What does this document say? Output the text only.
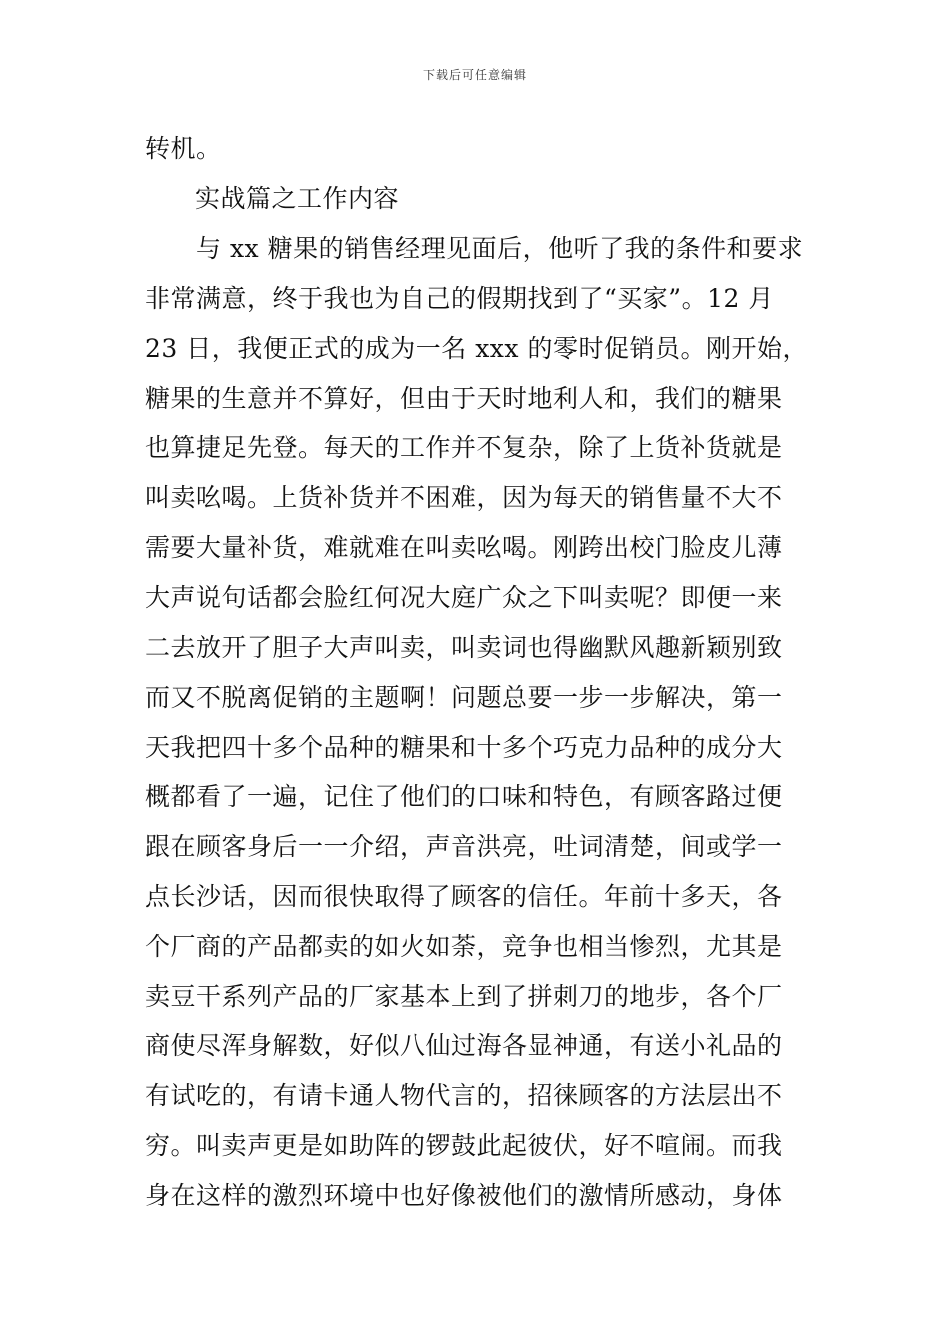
下载后可任意编辑
转机。
实战篇之工作内容
与 xx 糖果的销售经理见面后，他听了我的条件和要求
非常满意，终于我也为自己的假期找到了“买家”。12 月
23 日，我便正式的成为一名 xxx 的零时促销员。刚开始，
糖果的生意并不算好，但由于天时地利人和，我们的糖果
也算捷足先登。每天的工作并不复杂，除了上货补货就是
叫卖吆喝。上货补货并不困难，因为每天的销售量不大不
需要大量补货，难就难在叫卖吆喝。刚跨出校门脸皮儿薄
大声说句话都会脸红何况大庭广众之下叫卖呢？即便一来
二去放开了胆子大声叫卖，叫卖词也得幽默风趣新颖别致
而又不脱离促销的主题啊！问题总要一步一步解决，第一
天我把四十多个品种的糖果和十多个巧克力品种的成分大
概都看了一遍，记住了他们的口味和特色，有顾客路过便
跟在顾客身后一一介绍，声音洪亮，吐词清楚，间或学一
点长沙话，因而很快取得了顾客的信任。年前十多天，各
个厂商的产品都卖的如火如荼，竞争也相当惨烈，尤其是
卖豆干系列产品的厂家基本上到了拼刺刀的地步，各个厂
商使尽浑身解数，好似八仙过海各显神通，有送小礼品的
有试吃的，有请卡通人物代言的，招徕顾客的方法层出不
穷。叫卖声更是如助阵的锣鼓此起彼伏，好不喧闹。而我
身在这样的激烈环境中也好像被他们的激情所感动，身体
